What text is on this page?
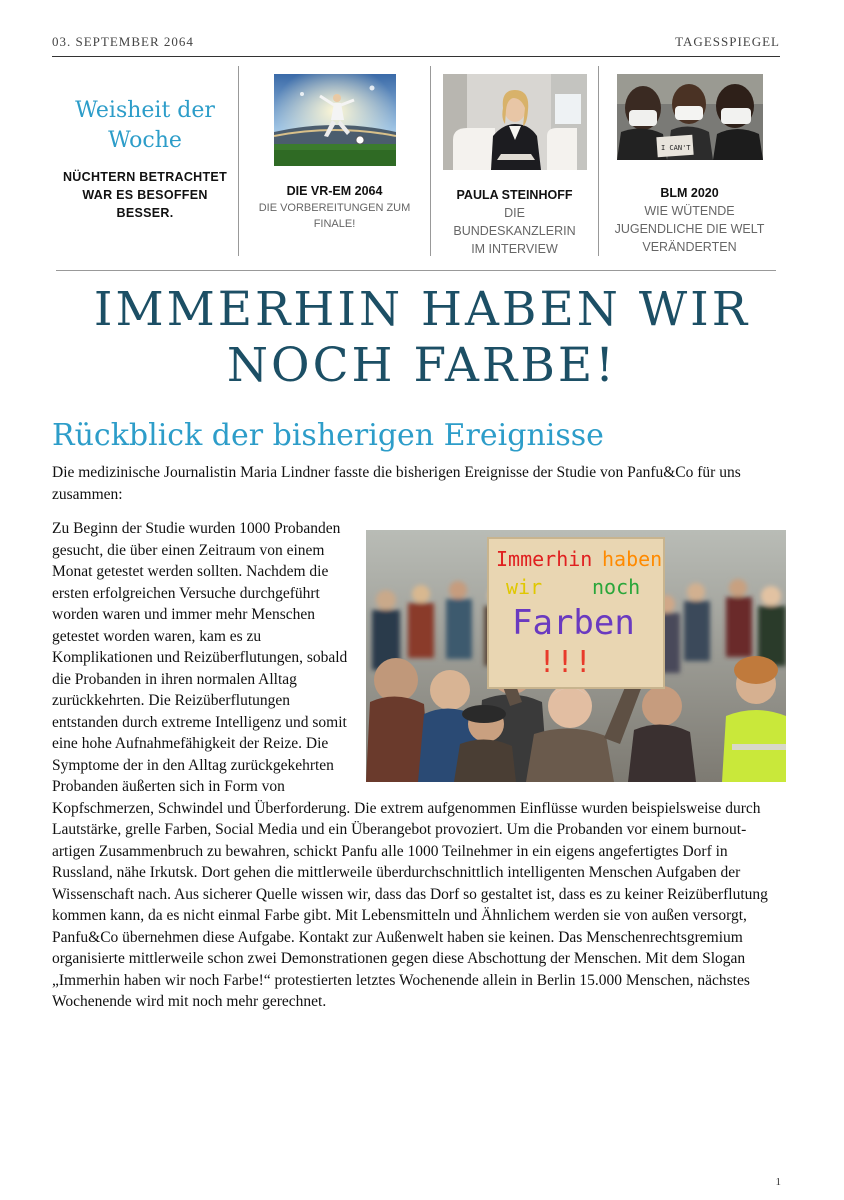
03. SEPTEMBER 2064	TAGESSPIEGEL
Weisheit der Woche
NÜCHTERN BETRACHTET WAR ES BESOFFEN BESSER.
DIE VR-EM 2064
DIE VORBEREITUNGEN ZUM FINALE!
PAULA STEINHOFF
DIE BUNDESKANZLERIN IM INTERVIEW
I CAN'T
BLM 2020
WIE WÜTENDE JUGENDLICHE DIE WELT VERÄNDERTEN
IMMERHIN HABEN WIR NOCH FARBE!
Rückblick der bisherigen Ereignisse
Die medizinische Journalistin Maria Lindner fasste die bisherigen Ereignisse der Studie von Panfu&Co für uns zusammen:
Immerhin haben
wir noch
Farben
!!!
Zu Beginn der Studie wurden 1000 Probanden gesucht, die über einen Zeitraum von einem Monat getestet werden sollten. Nachdem die ersten erfolgreichen Versuche durchgeführt worden waren und immer mehr Menschen getestet worden waren, kam es zu Komplikationen und Reizüberflutungen, sobald die Probanden in ihren normalen Alltag zurückkehrten. Die Reizüberflutungen entstanden durch extreme Intelligenz und somit eine hohe Aufnahmefähigkeit der Reize. Die Symptome der in den Alltag zurückgekehrten Probanden äußerten sich in Form von Kopfschmerzen, Schwindel und Überforderung. Die extrem aufgenommen Einflüsse wurden beispielsweise durch Lautstärke, grelle Farben, Social Media und ein Überangebot provoziert. Um die Probanden vor einem burnout-artigen Zusammenbruch zu bewahren, schickt Panfu alle 1000 Teilnehmer in ein eigens angefertigtes Dorf in Russland, nähe Irkutsk. Dort gehen die mittlerweile überdurchschnittlich intelligenten Menschen Aufgaben der Wissenschaft nach. Aus sicherer Quelle wissen wir, dass das Dorf so gestaltet ist, dass es zu keiner Reizüberflutung kommen kann, da es nicht einmal Farbe gibt. Mit Lebensmitteln und Ähnlichem werden sie von außen versorgt, Panfu&Co übernehmen diese Aufgabe. Kontakt zur Außenwelt haben sie keinen. Das Menschenrechtsgremium organisierte mittlerweile schon zwei Demonstrationen gegen diese Abschottung der Menschen. Mit dem Slogan „Immerhin haben wir noch Farbe!“ protestierten letztes Wochenende allein in Berlin 15.000 Menschen, nächstes Wochenende wird mit noch mehr gerechnet.
1
